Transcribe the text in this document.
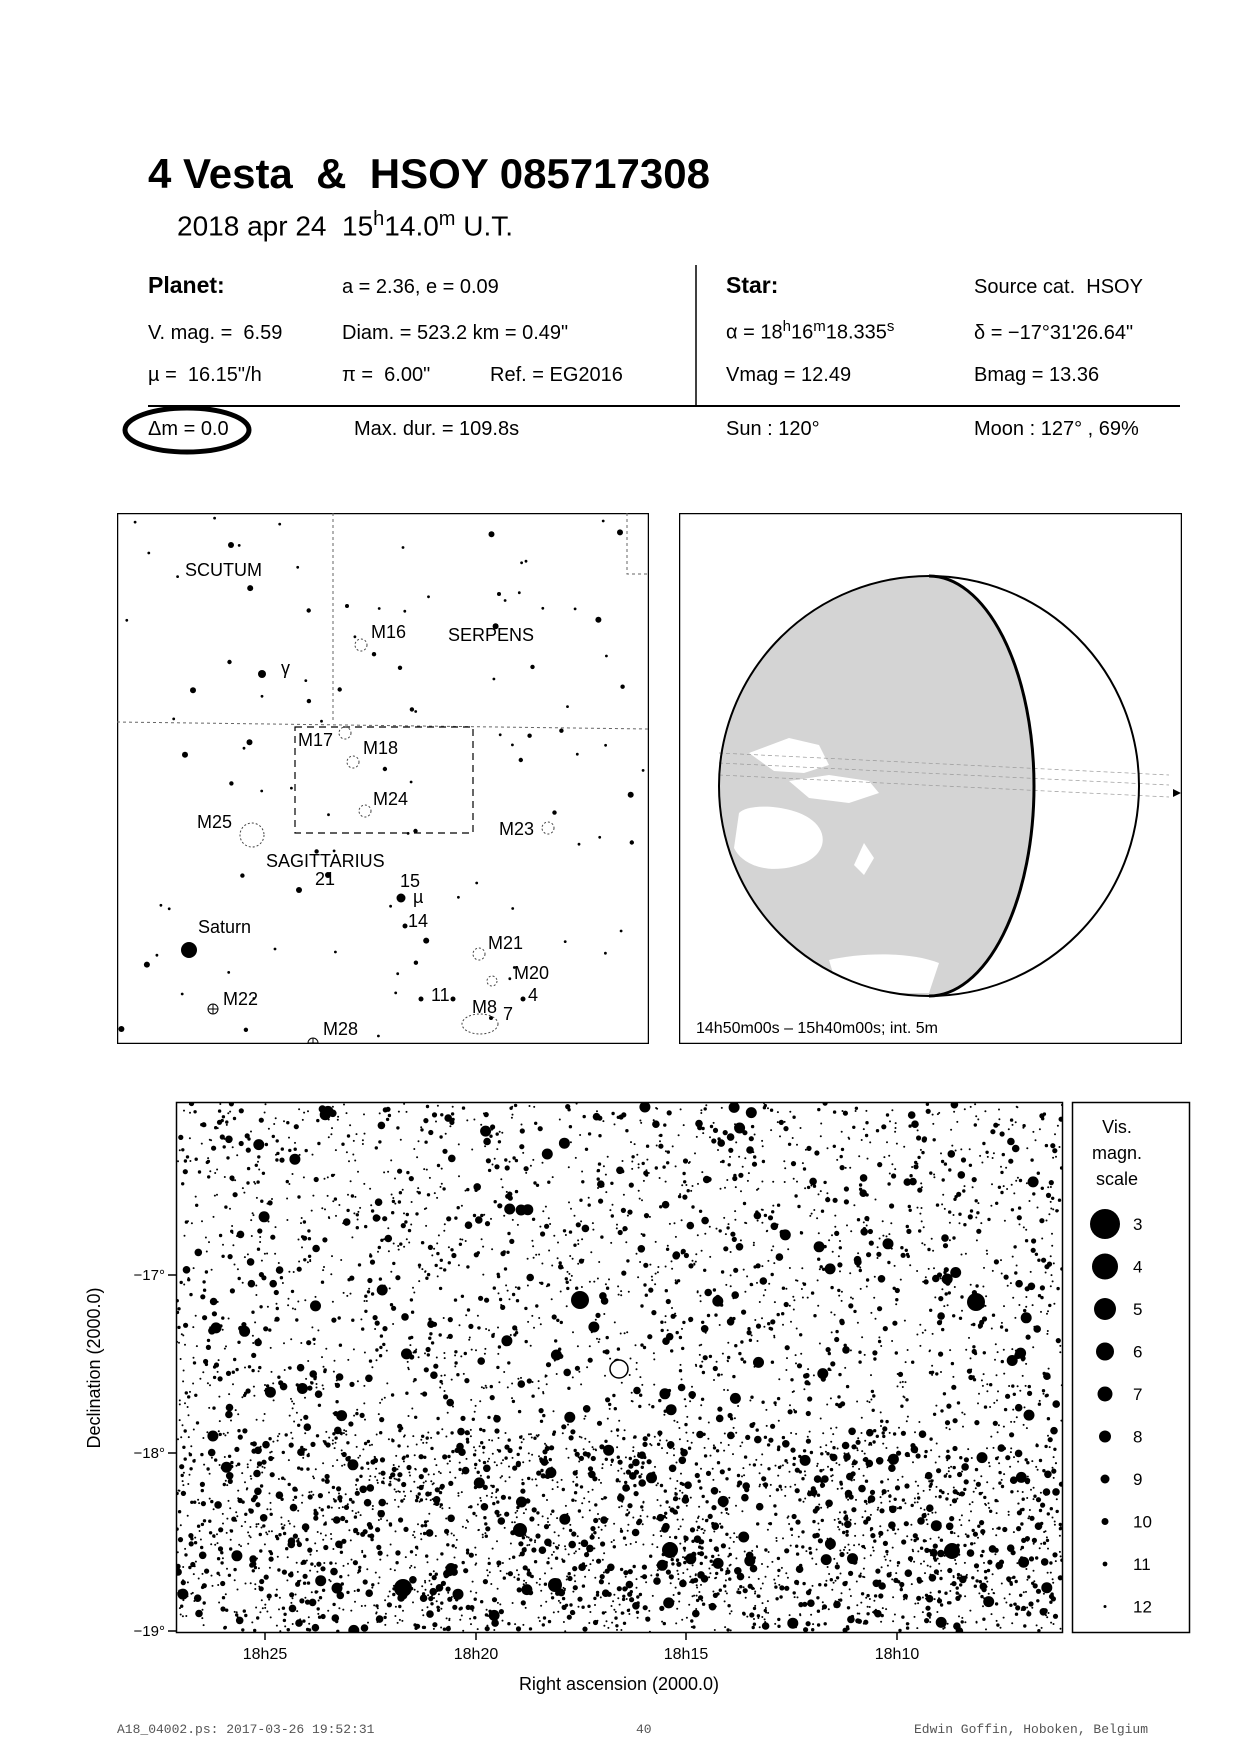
4 Vesta  &  HSOY 085717308
2018 apr 24  15$^h$14.0$^m$ U.T.
Planet:	a = 2.36, e = 0.09	Star:	Source cat.  HSOY
V. mag. =  6.59	Diam. = 523.2 km = 0.49"	$\alpha = 18^h16^m18.335^s$	δ = −17°31'26.64"
µ =  16.15"/h	π =  6.00"	Ref. = EG2016	Vmag = 12.49	Bmag = 13.36
Δm = 0.0	Max. dur. = 109.8s	Sun : 120°	Moon : 127° , 69%
SCUTUM
SERPENS
SAGITTARIUS
M16
M17 M18
M24
M25	M23
M21
M20
M22
M28
M8
γ
µ
Saturn
21	15
14
11	4
7
14h50m00s – 15h40m00s; int. 5m
18h25	18h20	18h15	18h10
−17°
−18°
−19°
Right ascension (2000.0)
Declination (2000.0)
Vis.
magn.
scale
3
4
5
6
7
8
9
10
11
12
A18_04002.ps: 2017-03-26 19:52:31	40	Edwin Goffin, Hoboken, Belgium
